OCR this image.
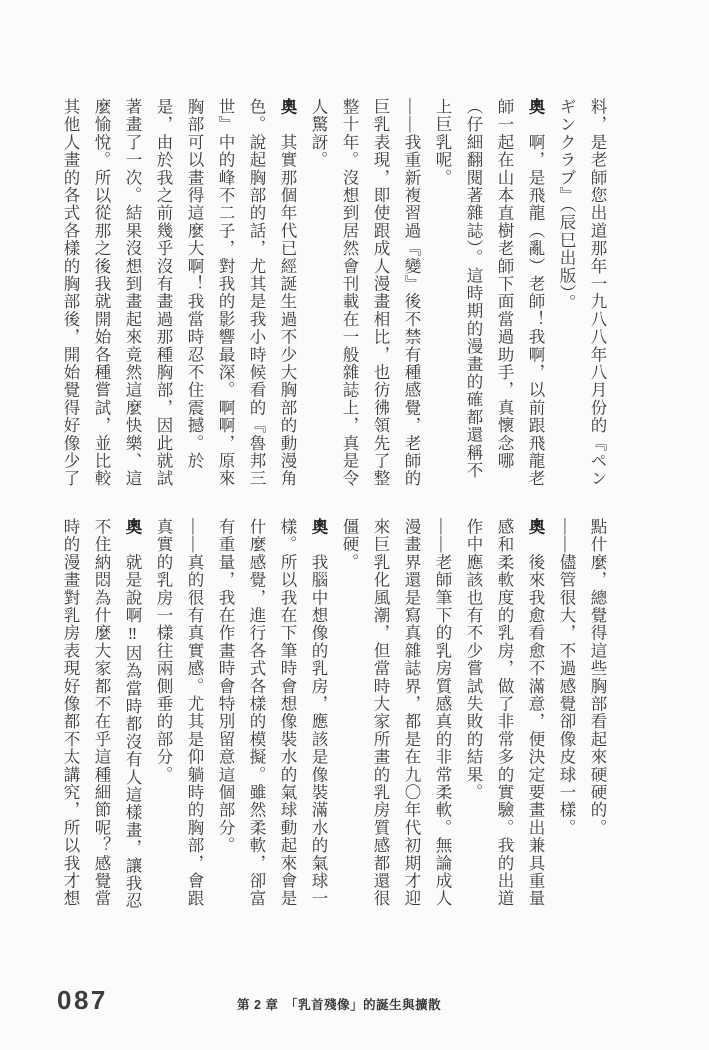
料，是老師您出道那年一九八八年八月份的『ペン
ギンクラブ』（辰巳出版）。
奧　啊，是飛龍（亂）老師！我啊，以前跟飛龍老
師一起在山本直樹老師下面當過助手，真懷念哪
（仔細翻閱著雜誌）。這時期的漫畫的確都還稱不
上巨乳呢。
——我重新複習過『變』後不禁有種感覺，老師的
巨乳表現，即使跟成人漫畫相比，也彷彿領先了整
整十年。沒想到居然會刊載在一般雜誌上，真是令
人驚訝。
奧　其實那個年代已經誕生過不少大胸部的動漫角
色。說起胸部的話，尤其是我小時候看的『魯邦三
世』中的峰不二子，對我的影響最深。啊啊，原來
胸部可以畫得這麼大啊！我當時忍不住震撼。於
是，由於我之前幾乎沒有畫過那種胸部，因此就試
著畫了一次。結果沒想到畫起來竟然這麼快樂、這
麼愉悅。所以從那之後我就開始各種嘗試，並比較
其他人畫的各式各樣的胸部後，開始覺得好像少了
點什麼，總覺得這些胸部看起來硬硬的。
——儘管很大，不過感覺卻像皮球一樣。
奧　後來我愈看愈不滿意，便決定要畫出兼具重量
感和柔軟度的乳房，做了非常多的實驗。我的出道
作中應該也有不少嘗試失敗的結果。
——老師筆下的乳房質感真的非常柔軟。無論成人
漫畫界還是寫真雜誌界，都是在九〇年代初期才迎
來巨乳化風潮，但當時大家所畫的乳房質感都還很
僵硬。
奧　我腦中想像的乳房，應該是像裝滿水的氣球一
樣。所以我在下筆時會想像裝水的氣球動起來會是
什麼感覺，進行各式各樣的模擬。雖然柔軟，卻富
有重量，我在作畫時會特別留意這個部分。
——真的很有真實感。尤其是仰躺時的胸部，會跟
真實的乳房一樣往兩側垂的部分。
奧　就是說啊‼因為當時都沒有人這樣畫，讓我忍
不住納悶為什麼大家都不在乎這種細節呢？感覺當
時的漫畫對乳房表現好像都不太講究，所以我才想
087	第 2 章　「乳首殘像」的誕生與擴散
